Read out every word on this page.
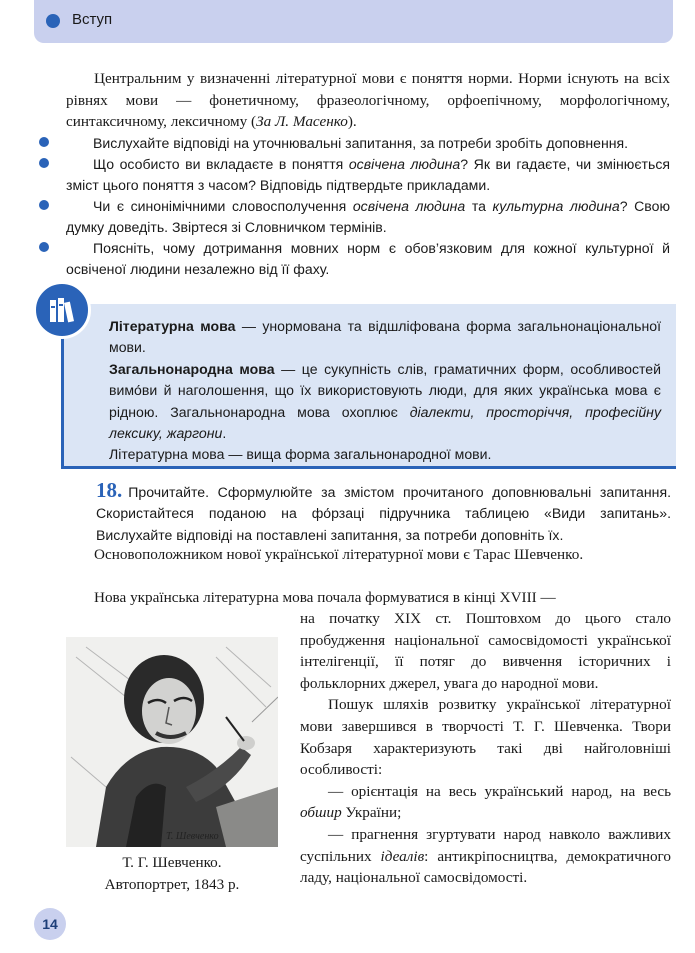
Вступ

Центральним у визначенні літературної мови є поняття норми. Норми існують на всіх рівнях мови — фонетичному, фразеологічному, орфоепічному, морфологічному, синтаксичному, лексичному (За Л. Масенко).

Вислухайте відповіді на уточнювальні запитання, за потреби зробіть доповнення.

Що особисто ви вкладаєте в поняття освічена людина? Як ви гадаєте, чи змінюється зміст цього поняття з часом? Відповідь підтвердьте прикладами.

Чи є синонімічними словосполучення освічена людина та культурна людина? Свою думку доведіть. Звіртеся зі Словничком термінів.

Поясніть, чому дотримання мовних норм є обов’язковим для кожної культурної й освіченої людини незалежно від її фаху.

Літературна мова — унормована та відшліфована форма загальнонаціональної мови.

Загальнонародна мова — це сукупність слів, граматичних форм, особливостей вимо́ви й наголошення, що їх використовують люди, для яких українська мова є рідною. Загальнонародна мова охоплює діалекти, просторіччя, професійну лексику, жаргони.

Літературна мова — вища форма загальнонародної мови.

18. Прочитайте. Сформулюйте за змістом прочитаного доповнювальні запитання. Скористайтеся поданою на фо́рзаці підручника таблицею «Види запитань». Вислухайте відповіді на поставлені запитання, за потреби доповніть їх.

Основоположником нової української літературної мови є Тарас Шевченко.

Нова українська літературна мова почала формуватися в кінці XVIII —

на початку XIX ст. Поштовхом до цього стало пробудження національної самосвідомості української інтелігенції, її потяг до вивчення історичних і фольклорних джерел, увага до народної мови.

Пошук шляхів розвитку української літературної мови завершився в творчості Т. Г. Шевченка. Твори Кобзаря характеризують такі дві найголовніші особливості:

— орієнтація на весь український народ, на весь обшир України;

— прагнення згуртувати народ навколо важливих суспільних ідеалів: антикріпосництва, демократичного ладу, національної самосвідомості.

Т. Шевченко
Т. Г. Шевченко.
Автопортрет, 1843 р.
14
